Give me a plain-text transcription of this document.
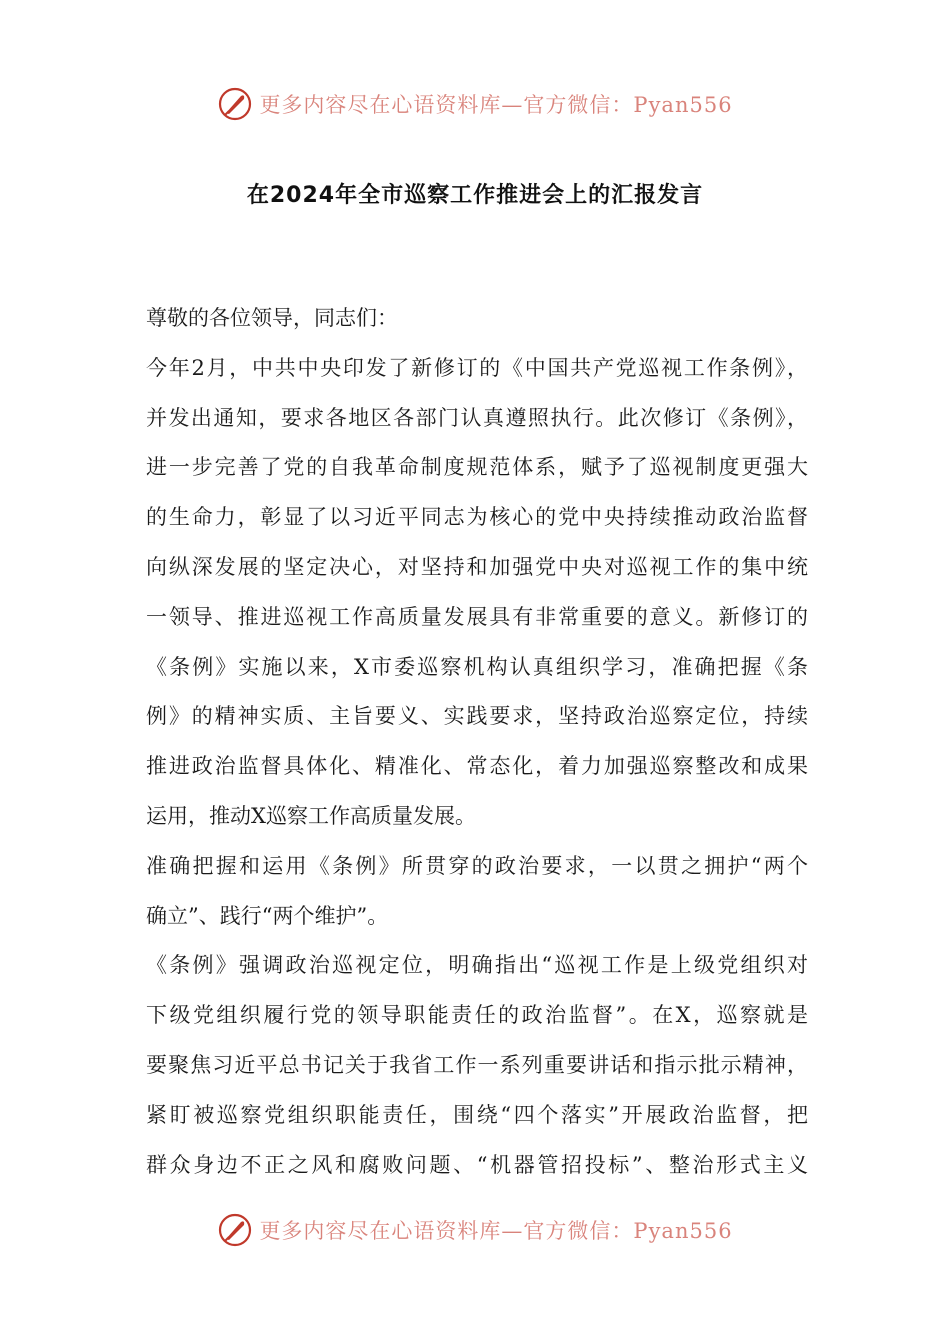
更多内容尽在心语资料库—官方微信：Pyan556
在2024年全市巡察工作推进会上的汇报发言
尊敬的各位领导，同志们：
今年2月，中共中央印发了新修订的《中国共产党巡视工作条例》，
并发出通知，要求各地区各部门认真遵照执行。此次修订《条例》，
进一步完善了党的自我革命制度规范体系，赋予了巡视制度更强大
的生命力，彰显了以习近平同志为核心的党中央持续推动政治监督
向纵深发展的坚定决心，对坚持和加强党中央对巡视工作的集中统
一领导、推进巡视工作高质量发展具有非常重要的意义。新修订的
《条例》实施以来，X市委巡察机构认真组织学习，准确把握《条
例》的精神实质、主旨要义、实践要求，坚持政治巡察定位，持续
推进政治监督具体化、精准化、常态化，着力加强巡察整改和成果
运用，推动X巡察工作高质量发展。
准确把握和运用《条例》所贯穿的政治要求，一以贯之拥护“两个
确立”、践行“两个维护”。
《条例》强调政治巡视定位，明确指出“巡视工作是上级党组织对
下级党组织履行党的领导职能责任的政治监督”。在X，巡察就是
要聚焦习近平总书记关于我省工作一系列重要讲话和指示批示精神，
紧盯被巡察党组织职能责任，围绕“四个落实”开展政治监督，把
群众身边不正之风和腐败问题、“机器管招投标”、整治形式主义
更多内容尽在心语资料库—官方微信：Pyan556
